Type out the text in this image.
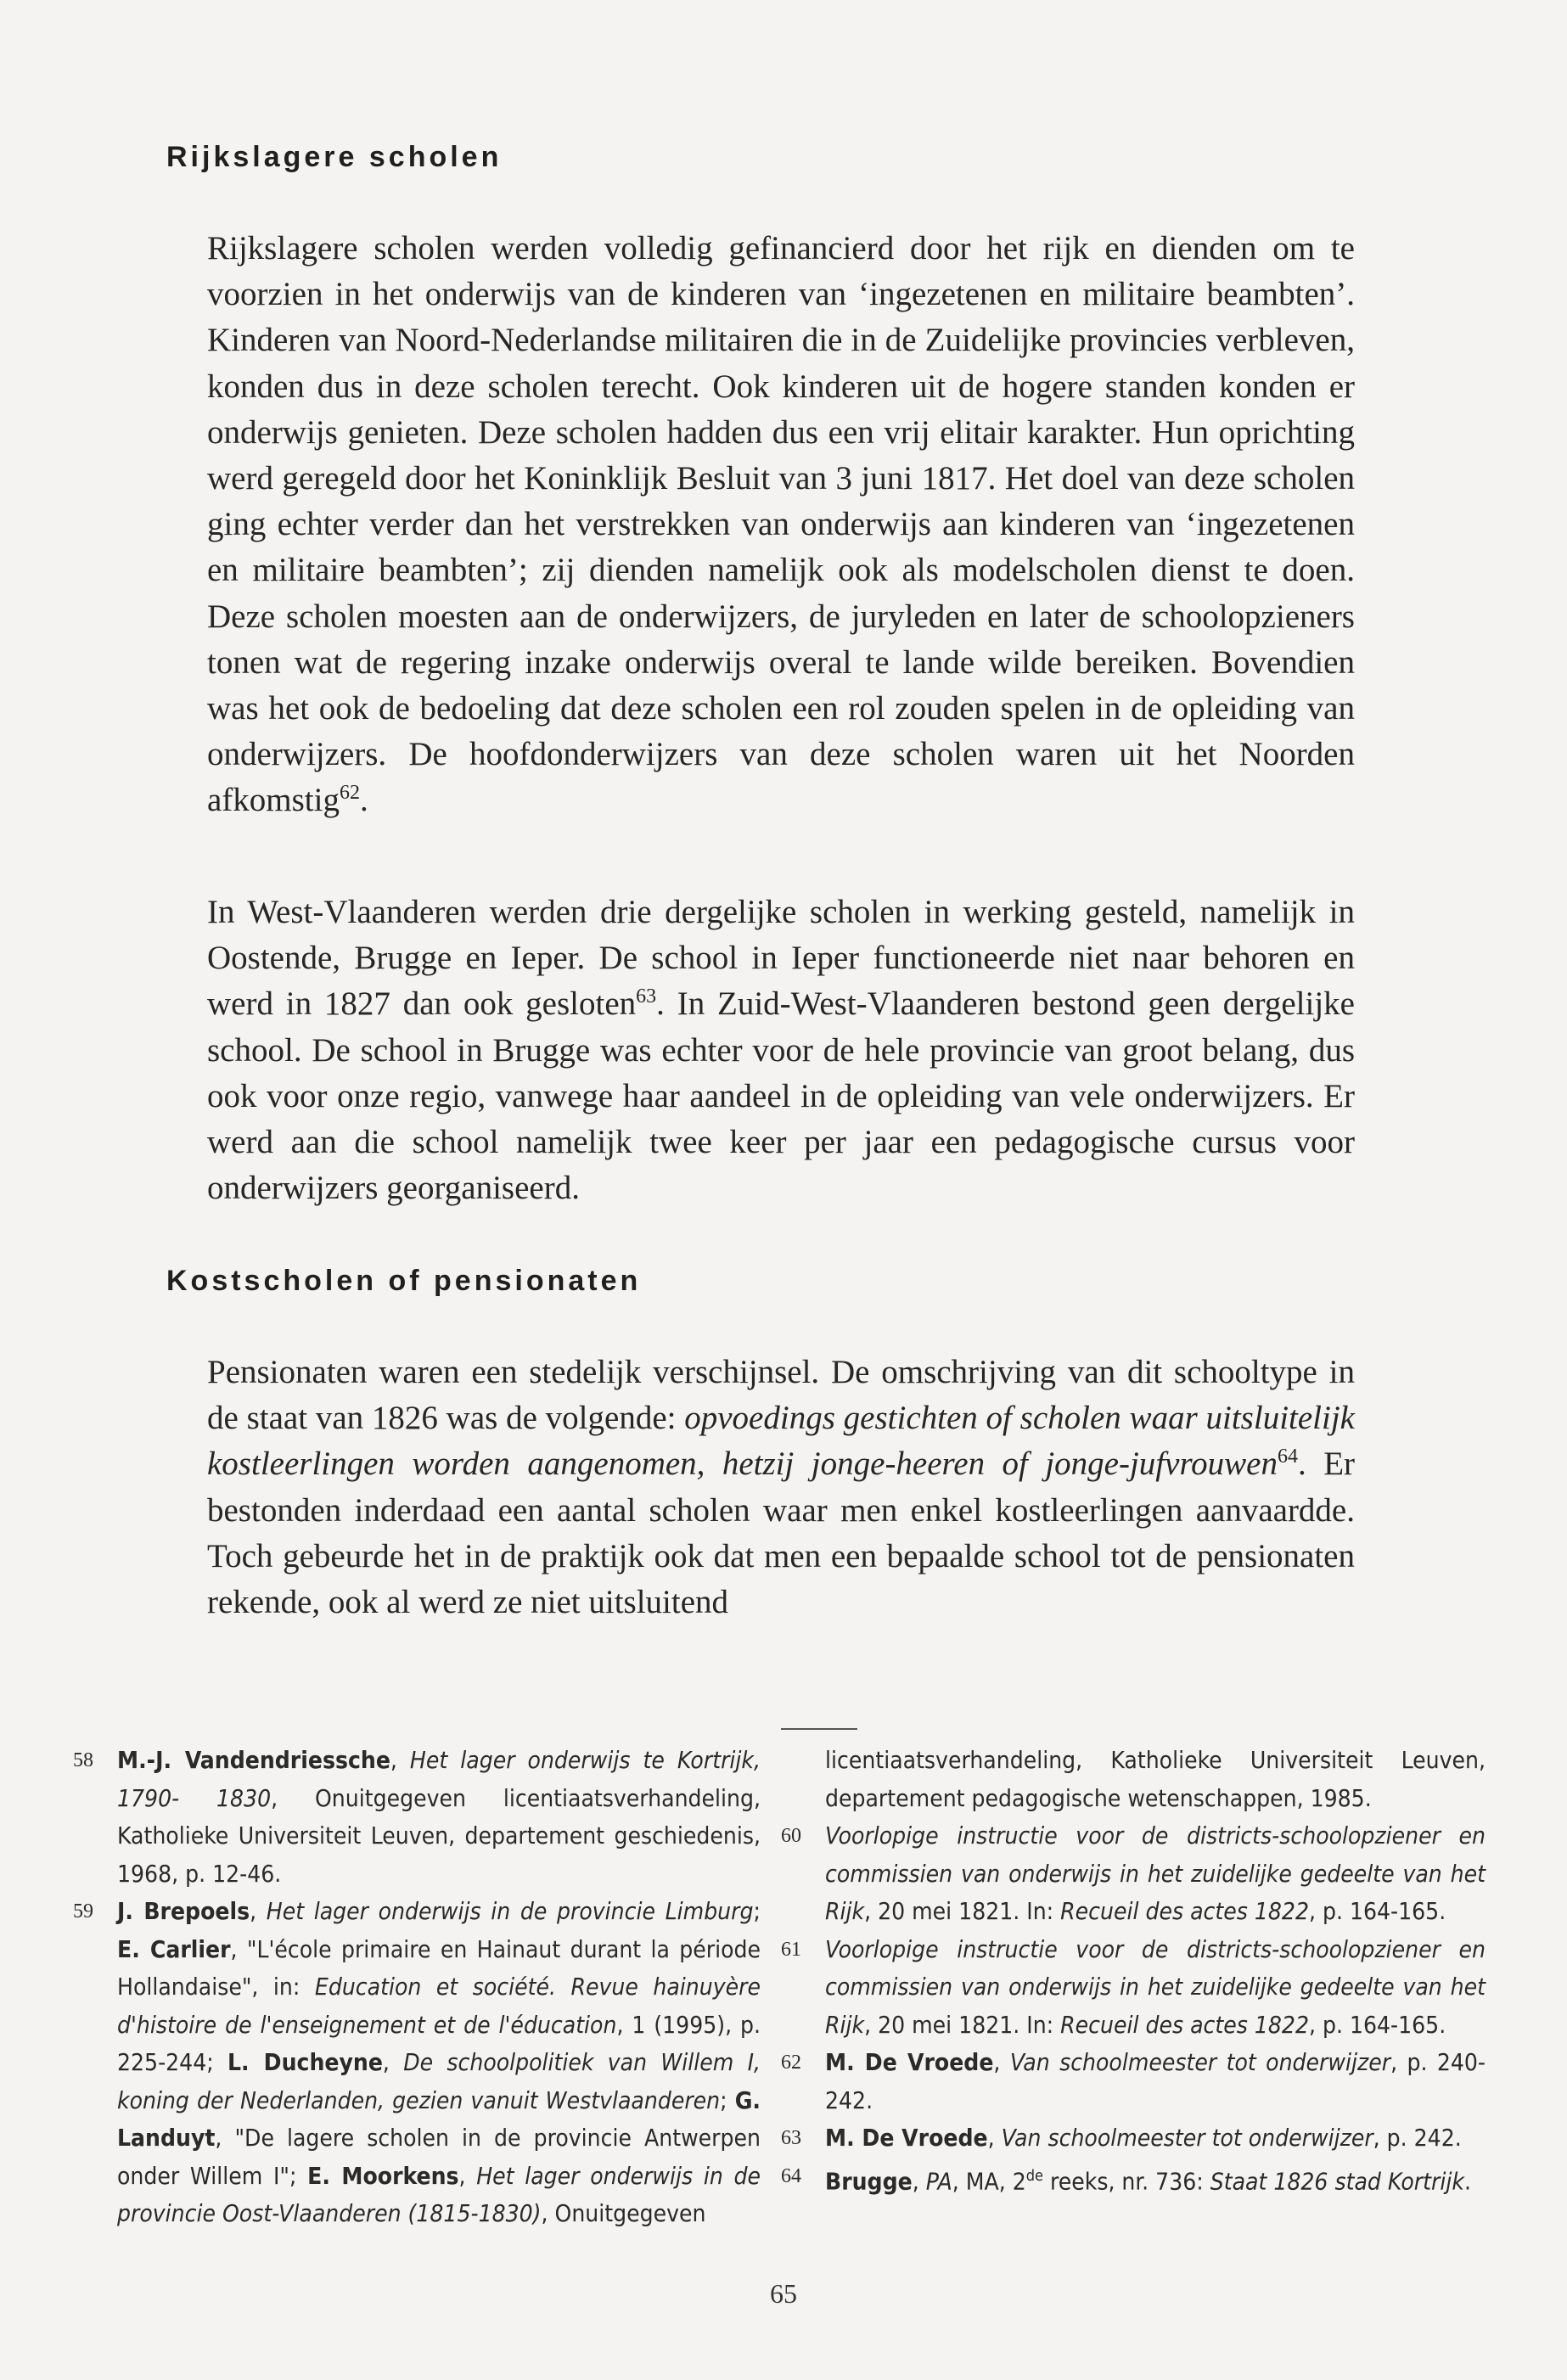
Rijkslagere scholen

Rijkslagere scholen werden volledig gefinancierd door het rijk en dienden om te voorzien in het onderwijs van de kinderen van ‘ingezetenen en militaire beambten’. Kinderen van Noord-Nederlandse militairen die in de Zuidelijke provincies verbleven, konden dus in deze scholen terecht. Ook kinderen uit de hogere standen konden er onderwijs genieten. Deze scholen hadden dus een vrij elitair karakter. Hun oprichting werd geregeld door het Koninklijk Besluit van 3 juni 1817. Het doel van deze scholen ging echter verder dan het verstrekken van onderwijs aan kinderen van ‘ingezetenen en militaire beambten’; zij dienden namelijk ook als modelscholen dienst te doen. Deze scholen moesten aan de onderwijzers, de juryleden en later de schoolopzieners tonen wat de regering inzake onderwijs overal te lande wilde bereiken. Bovendien was het ook de bedoeling dat deze scholen een rol zouden spelen in de opleiding van onderwijzers. De hoofdonderwijzers van deze scholen waren uit het Noorden afkomstig$^{62}$.

In West-Vlaanderen werden drie dergelijke scholen in werking gesteld, namelijk in Oostende, Brugge en Ieper. De school in Ieper functioneerde niet naar behoren en werd in 1827 dan ook gesloten$^{63}$. In Zuid-West-Vlaanderen bestond geen dergelijke school. De school in Brugge was echter voor de hele provincie van groot belang, dus ook voor onze regio, vanwege haar aandeel in de opleiding van vele onderwijzers. Er werd aan die school namelijk twee keer per jaar een pedagogische cursus voor onderwijzers georganiseerd.

Kostscholen of pensionaten

Pensionaten waren een stedelijk verschijnsel. De omschrijving van dit schooltype in de staat van 1826 was de volgende: opvoedings gestichten of scholen waar uitsluitelijk kostleerlingen worden aangenomen, hetzij jonge-heeren of jonge-jufvrouwen$^{64}$. Er bestonden inderdaad een aantal scholen waar men enkel kostleerlingen aanvaardde. Toch gebeurde het in de praktijk ook dat men een bepaalde school tot de pensionaten rekende, ook al werd ze niet uitsluitend

58	M.-J. Vandendriessche, Het lager onderwijs te Kortrijk, 1790- 1830, Onuitgegeven licentiaatsverhandeling, Katholieke Universiteit Leuven, departement geschiedenis, 1968, p. 12-46.
59	J. Brepoels, Het lager onderwijs in de provincie Limburg; E. Carlier, "L'école primaire en Hainaut durant la période Hollandaise", in: Education et société. Revue hainuyère d'histoire de l'enseignement et de l'éducation, 1 (1995), p. 225-244; L. Ducheyne, De schoolpolitiek van Willem I, koning der Nederlanden, gezien vanuit Westvlaanderen; G. Landuyt, "De lagere scholen in de provincie Antwerpen onder Willem I"; E. Moorkens, Het lager onderwijs in de provincie Oost-Vlaanderen (1815-1830), Onuitgegeven
licentiaatsverhandeling, Katholieke Universiteit Leuven, departement pedagogische wetenschappen, 1985.
60	Voorlopige instructie voor de districts-schoolopziener en commissien van onderwijs in het zuidelijke gedeelte van het Rijk, 20 mei 1821. In: Recueil des actes 1822, p. 164-165.
61	Voorlopige instructie voor de districts-schoolopziener en commissien van onderwijs in het zuidelijke gedeelte van het Rijk, 20 mei 1821. In: Recueil des actes 1822, p. 164-165.
62	M. De Vroede, Van schoolmeester tot onderwijzer, p. 240-242.
63	M. De Vroede, Van schoolmeester tot onderwijzer, p. 242.
64	Brugge, PA, MA, 2de reeks, nr. 736: Staat 1826 stad Kortrijk.
65
